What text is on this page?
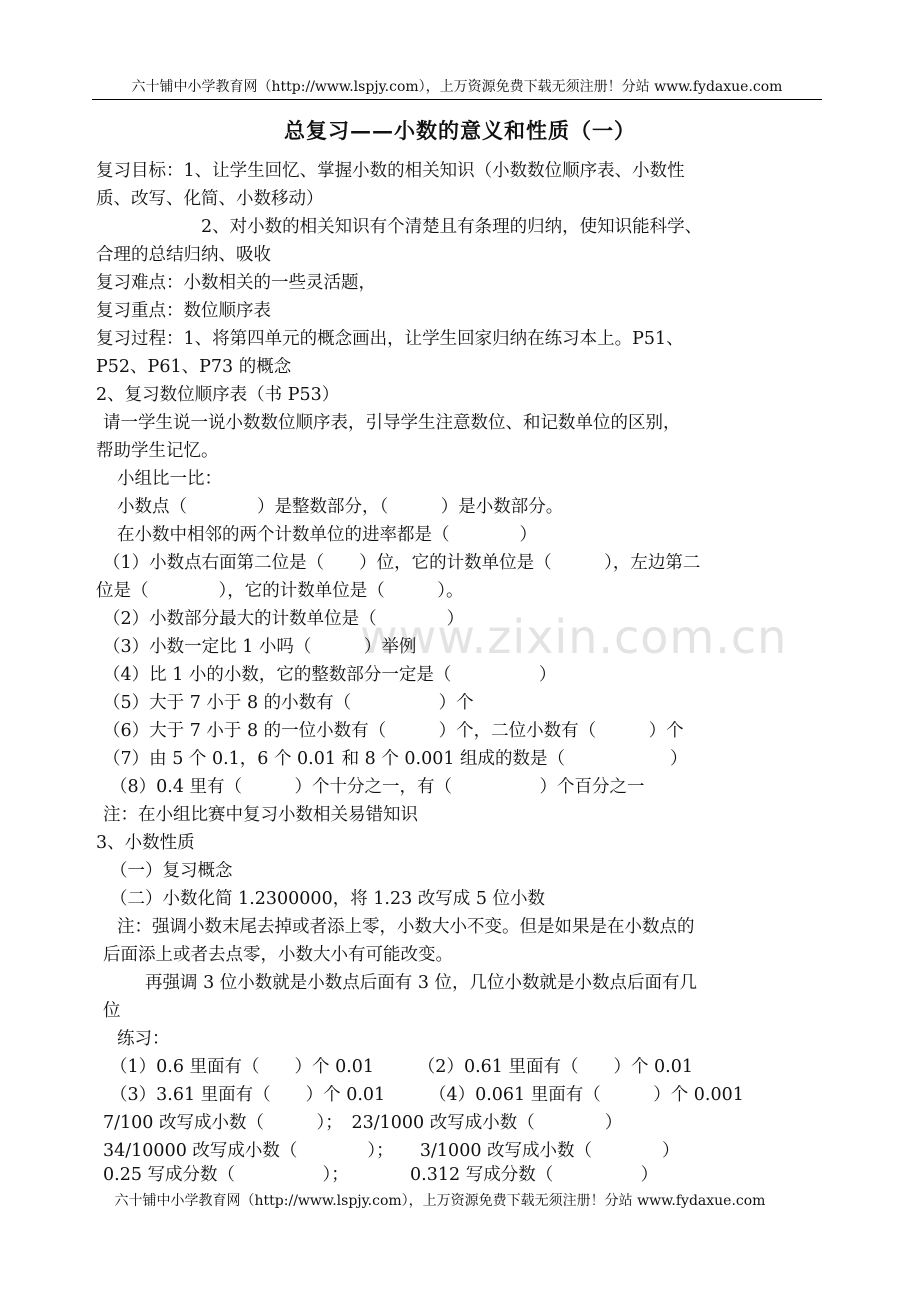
六十铺中小学教育网（http://www.lspjy.com），上万资源免费下载无须注册！分站 www.fydaxue.com
www.zixin.com.cn
总复习——小数的意义和性质（一）
复习目标：1、让学生回忆、掌握小数的相关知识（小数数位顺序表、小数性
质、改写、化简、小数移动）
2、对小数的相关知识有个清楚且有条理的归纳，使知识能科学、
合理的总结归纳、吸收
复习难点：小数相关的一些灵活题，
复习重点：数位顺序表
复习过程：1、将第四单元的概念画出，让学生回家归纳在练习本上。P51、
P52、P61、P73 的概念
2、复习数位顺序表（书 P53）
请一学生说一说小数数位顺序表，引导学生注意数位、和记数单位的区别，
帮助学生记忆。
小组比一比：
小数点（　　　　）是整数部分，（　　　）是小数部分。
在小数中相邻的两个计数单位的进率都是（　　　　）
（1）小数点右面第二位是（　　）位，它的计数单位是（　　　），左边第二
位是（　　　　），它的计数单位是（　　　）。
（2）小数部分最大的计数单位是（　　　　）
（3）小数一定比 1 小吗（　　　）举例
（4）比 1 小的小数，它的整数部分一定是（　　　　　）
（5）大于 7 小于 8 的小数有（　　　　　）个
（6）大于 7 小于 8 的一位小数有（　　　）个，二位小数有（　　　）个
（7）由 5 个 0.1，6 个 0.01 和 8 个 0.001 组成的数是（　　　　　　）
（8）0.4 里有（　　　）个十分之一，有（　　　　　）个百分之一
注：在小组比赛中复习小数相关易错知识
3、小数性质
（一）复习概念
（二）小数化简 1.2300000，将 1.23 改写成 5 位小数
注：强调小数末尾去掉或者添上零，小数大小不变。但是如果是在小数点的
后面添上或者去点零，小数大小有可能改变。
再强调 3 位小数就是小数点后面有 3 位，几位小数就是小数点后面有几
位
练习：
（1）0.6 里面有（　　）个 0.01　　　（2）0.61 里面有（　　）个 0.01
（3）3.61 里面有（　　）个 0.01　　　（4）0.061 里面有（　　　）个 0.001
7/100 改写成小数（　　　）；　23/1000 改写成小数（　　　　）
34/10000 改写成小数（　　　　）；　　3/1000 改写成小数（　　　　）
0.25 写成分数（　　　　　）；　　　　0.312 写成分数（　　　　　）
六十铺中小学教育网（http://www.lspjy.com），上万资源免费下载无须注册！分站 www.fydaxue.com
